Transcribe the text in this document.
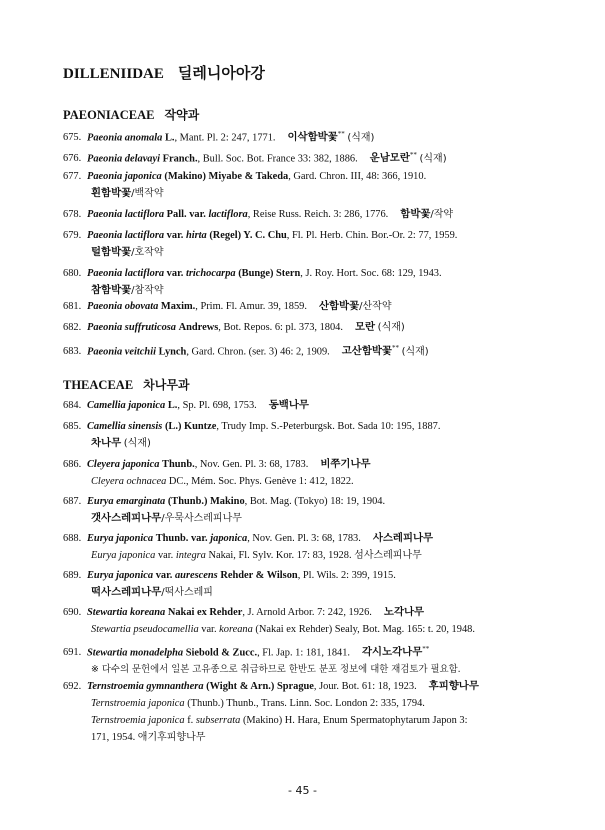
DILLENIIDAE 딜레니아아강
PAEONIACEAE 작약과
675. Paeonia anomala L., Mant. Pl. 2: 247, 1771. 이삭함박꽃** (식재)
676. Paeonia delavayi Franch., Bull. Soc. Bot. France 33: 382, 1886. 운남모란** (식재)
677. Paeonia japonica (Makino) Miyabe & Takeda, Gard. Chron. III, 48: 366, 1910.
흰함박꽃/백작약
678. Paeonia lactiflora Pall. var. lactiflora, Reise Russ. Reich. 3: 286, 1776. 함박꽃/작약
679. Paeonia lactiflora var. hirta (Regel) Y. C. Chu, Fl. Pl. Herb. Chin. Bor.-Or. 2: 77, 1959.
털함박꽃/호작약
680. Paeonia lactiflora var. trichocarpa (Bunge) Stern, J. Roy. Hort. Soc. 68: 129, 1943.
참함박꽃/참작약
681. Paeonia obovata Maxim., Prim. Fl. Amur. 39, 1859. 산함박꽃/산작약
682. Paeonia suffruticosa Andrews, Bot. Repos. 6: pl. 373, 1804. 모란 (식재)
683. Paeonia veitchii Lynch, Gard. Chron. (ser. 3) 46: 2, 1909. 고산함박꽃** (식재)
THEACEAE 차나무과
684. Camellia japonica L., Sp. Pl. 698, 1753. 동백나무
685. Camellia sinensis (L.) Kuntze, Trudy Imp. S.-Peterburgsk. Bot. Sada 10: 195, 1887.
차나무 (식재)
686. Cleyera japonica Thunb., Nov. Gen. Pl. 3: 68, 1783. 비쭈기나무
Cleyera ochnacea DC., Mém. Soc. Phys. Genève 1: 412, 1822.
687. Eurya emarginata (Thunb.) Makino, Bot. Mag. (Tokyo) 18: 19, 1904.
갯사스레피나무/우묵사스레피나무
688. Eurya japonica Thunb. var. japonica, Nov. Gen. Pl. 3: 68, 1783. 사스레피나무
Eurya japonica var. integra Nakai, Fl. Sylv. Kor. 17: 83, 1928. 섬사스레피나무
689. Eurya japonica var. aurescens Rehder & Wilson, Pl. Wils. 2: 399, 1915.
떡사스레피나무/떡사스레피
690. Stewartia koreana Nakai ex Rehder, J. Arnold Arbor. 7: 242, 1926. 노각나무
Stewartia pseudocamellia var. koreana (Nakai ex Rehder) Sealy, Bot. Mag. 165: t. 20, 1948.
691. Stewartia monadelpha Siebold & Zucc., Fl. Jap. 1: 181, 1841. 각시노각나무**
※ 다수의 문헌에서 일본 고유종으로 취급하므로 한반도 분포 정보에 대한 재검토가 필요함.
692. Ternstroemia gymnanthera (Wight & Arn.) Sprague, Jour. Bot. 61: 18, 1923. 후피향나무
Ternstroemia japonica (Thunb.) Thunb., Trans. Linn. Soc. London 2: 335, 1794.
Ternstroemia japonica f. subserrata (Makino) H. Hara, Enum Spermatophytarum Japon 3:
171, 1954. 애기후피향나무
- 45 -
